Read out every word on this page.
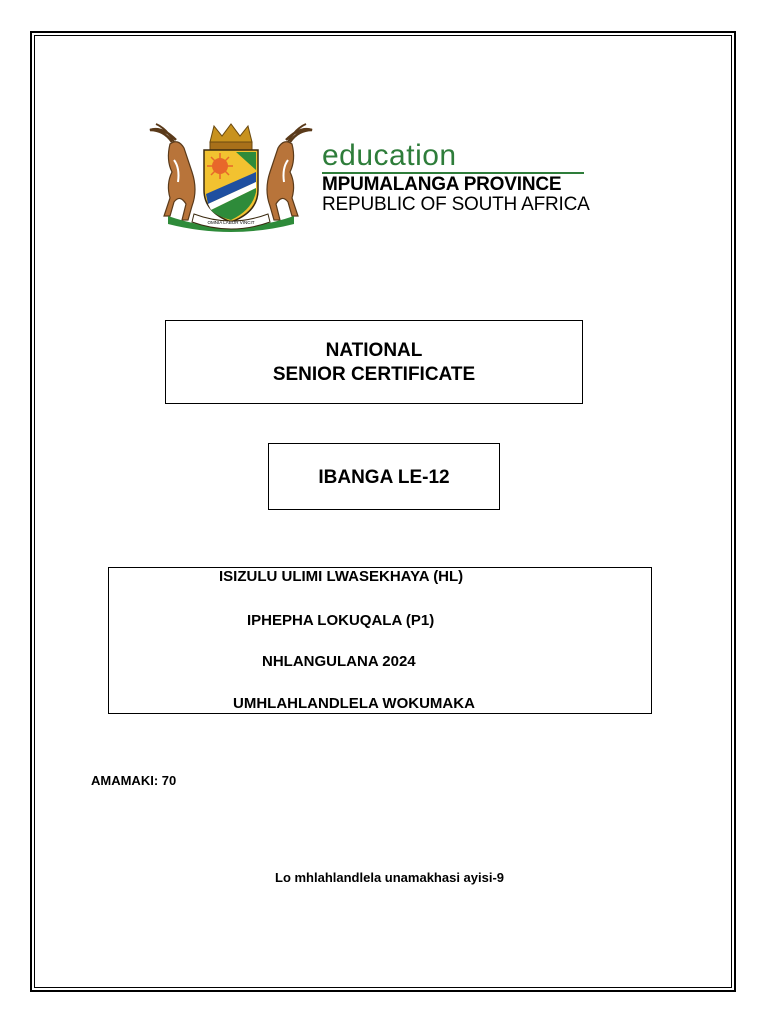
OMNIA LABOR VINCIT
education
MPUMALANGA PROVINCE
REPUBLIC OF SOUTH AFRICA
NATIONAL
SENIOR CERTIFICATE
IBANGA LE-12
ISIZULU ULIMI LWASEKHAYA (HL)
IPHEPHA LOKUQALA (P1)
NHLANGULANA 2024
UMHLAHLANDLELA WOKUMAKA
AMAMAKI: 70
Lo mhlahlandlela unamakhasi ayisi-9
